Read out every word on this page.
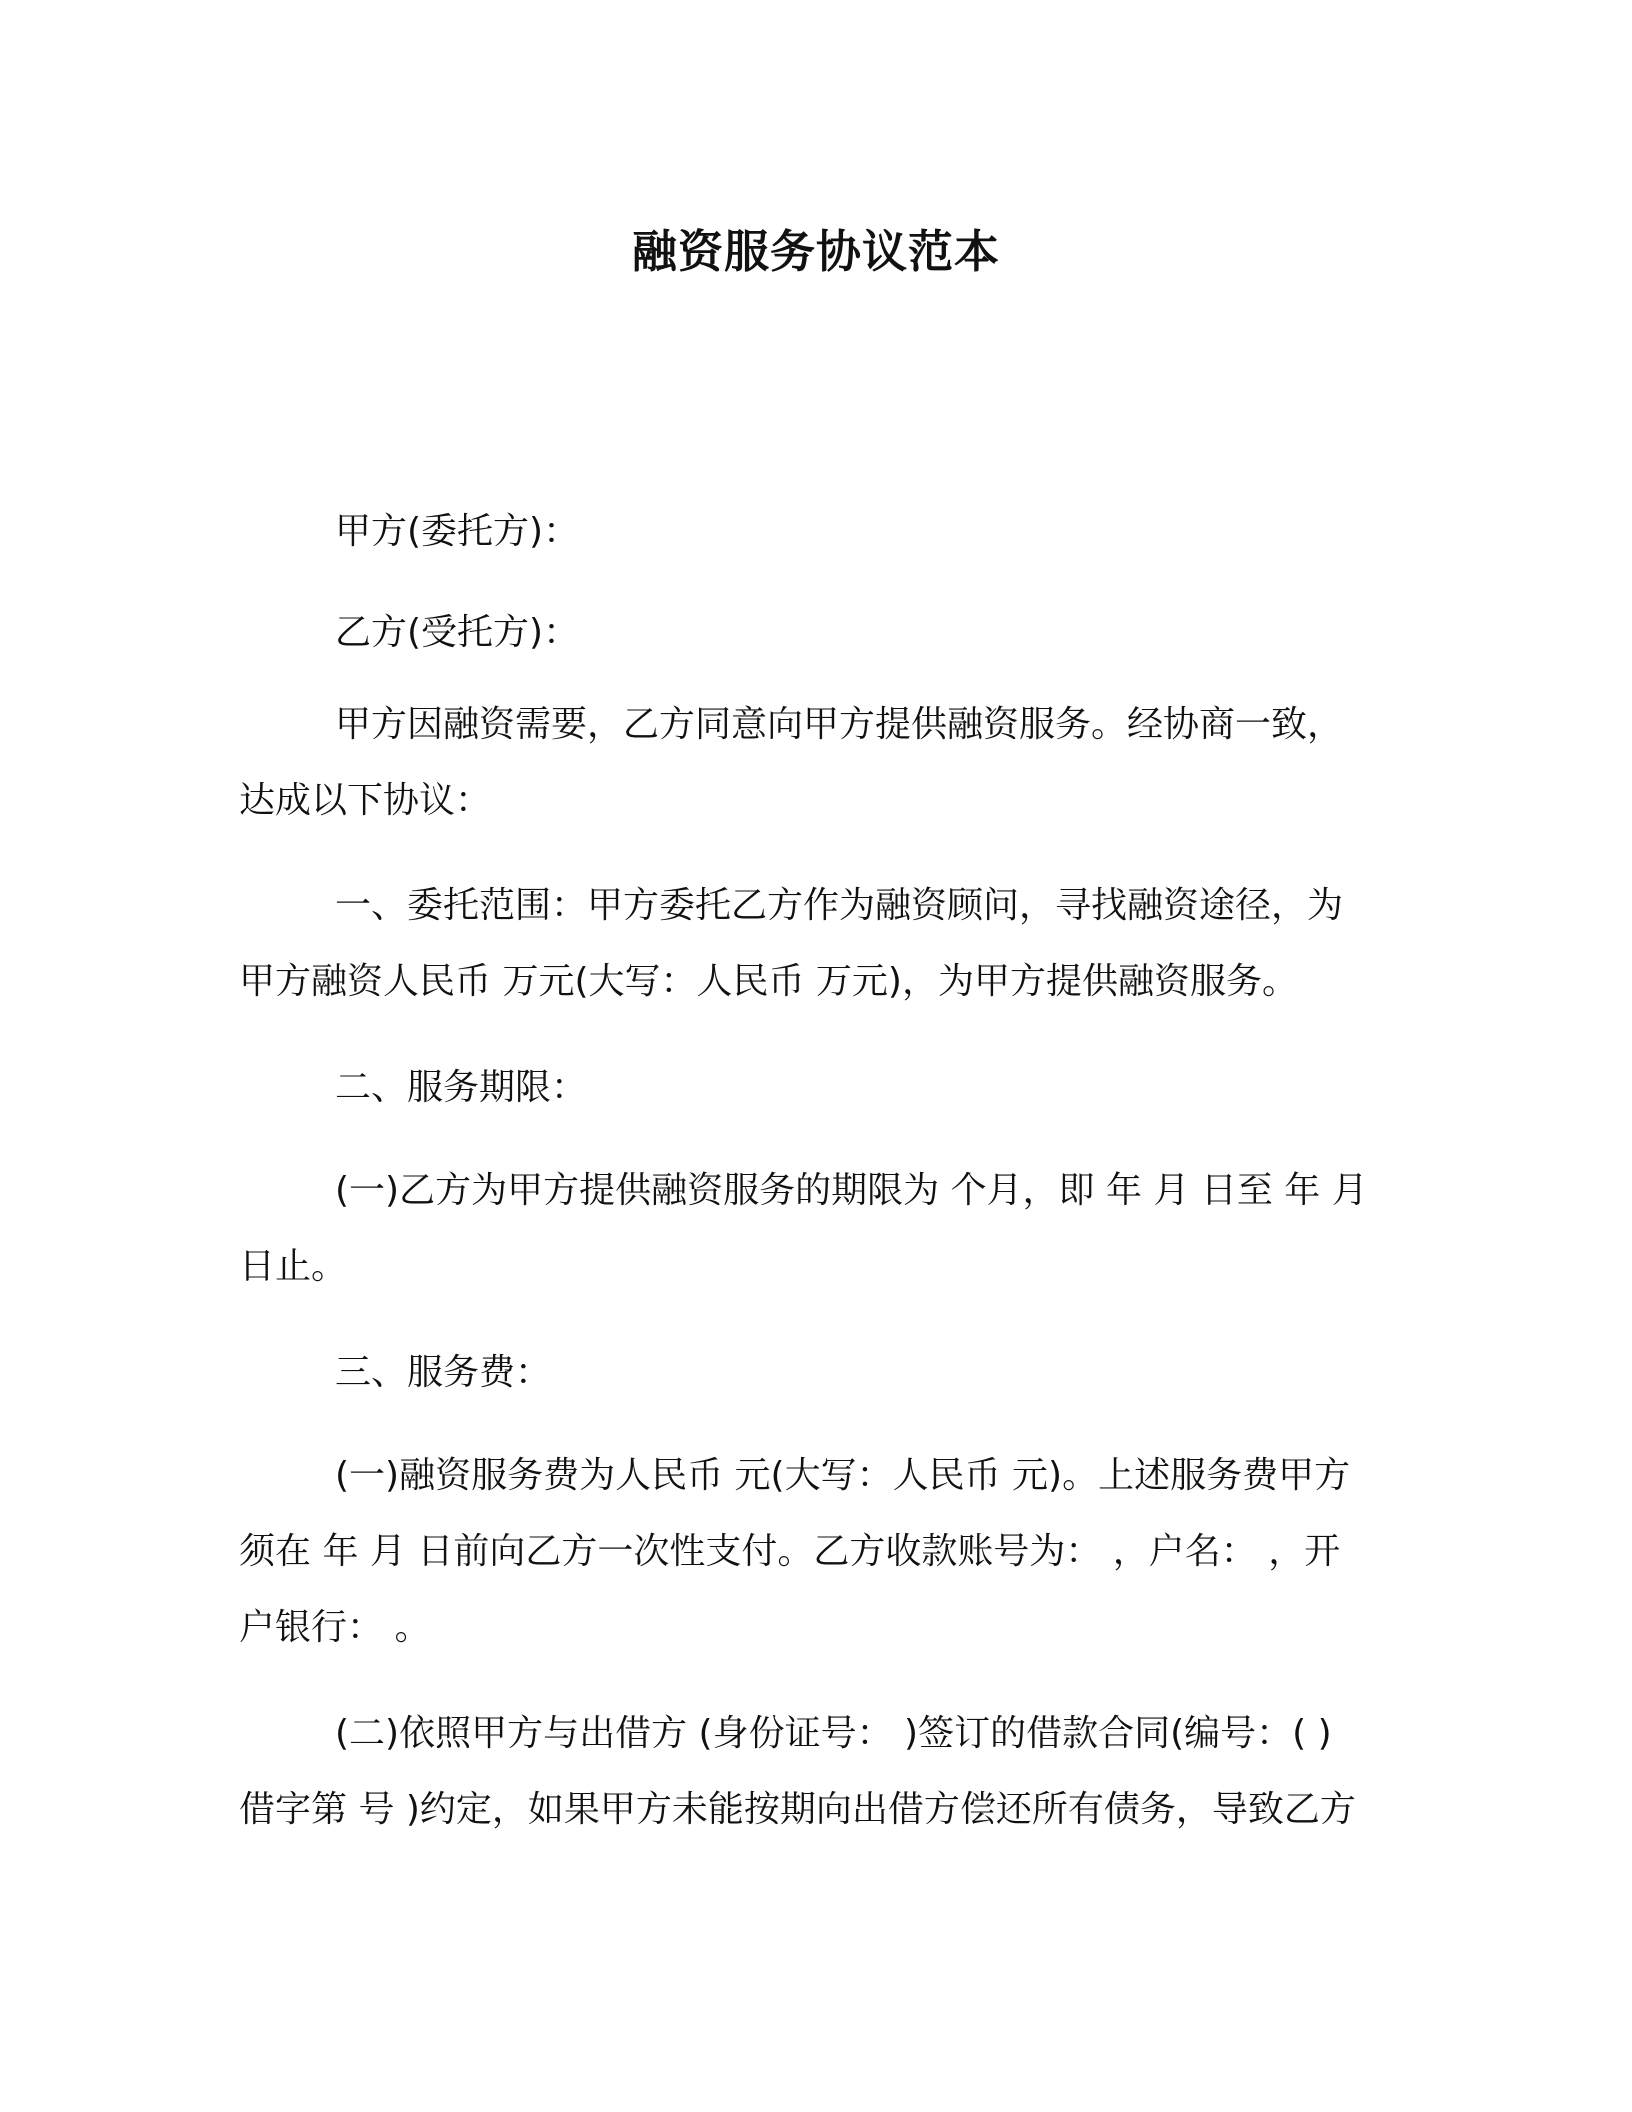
融资服务协议范本

甲方(委托方)：

乙方(受托方)：

甲方因融资需要，乙方同意向甲方提供融资服务。经协商一致，
达成以下协议：

一、委托范围：甲方委托乙方作为融资顾问，寻找融资途径，为
甲方融资人民币 万元(大写：人民币 万元)，为甲方提供融资服务。

二、服务期限：

(一)乙方为甲方提供融资服务的期限为 个月，即 年 月 日至 年 月
日止。

三、服务费：

(一)融资服务费为人民币 元(大写：人民币 元)。上述服务费甲方
须在 年 月 日前向乙方一次性支付。乙方收款账号为： ，户名： ，开
户银行： 。

(二)依照甲方与出借方 (身份证号： )签订的借款合同(编号：( )
借字第 号 )约定，如果甲方未能按期向出借方偿还所有债务，导致乙方
